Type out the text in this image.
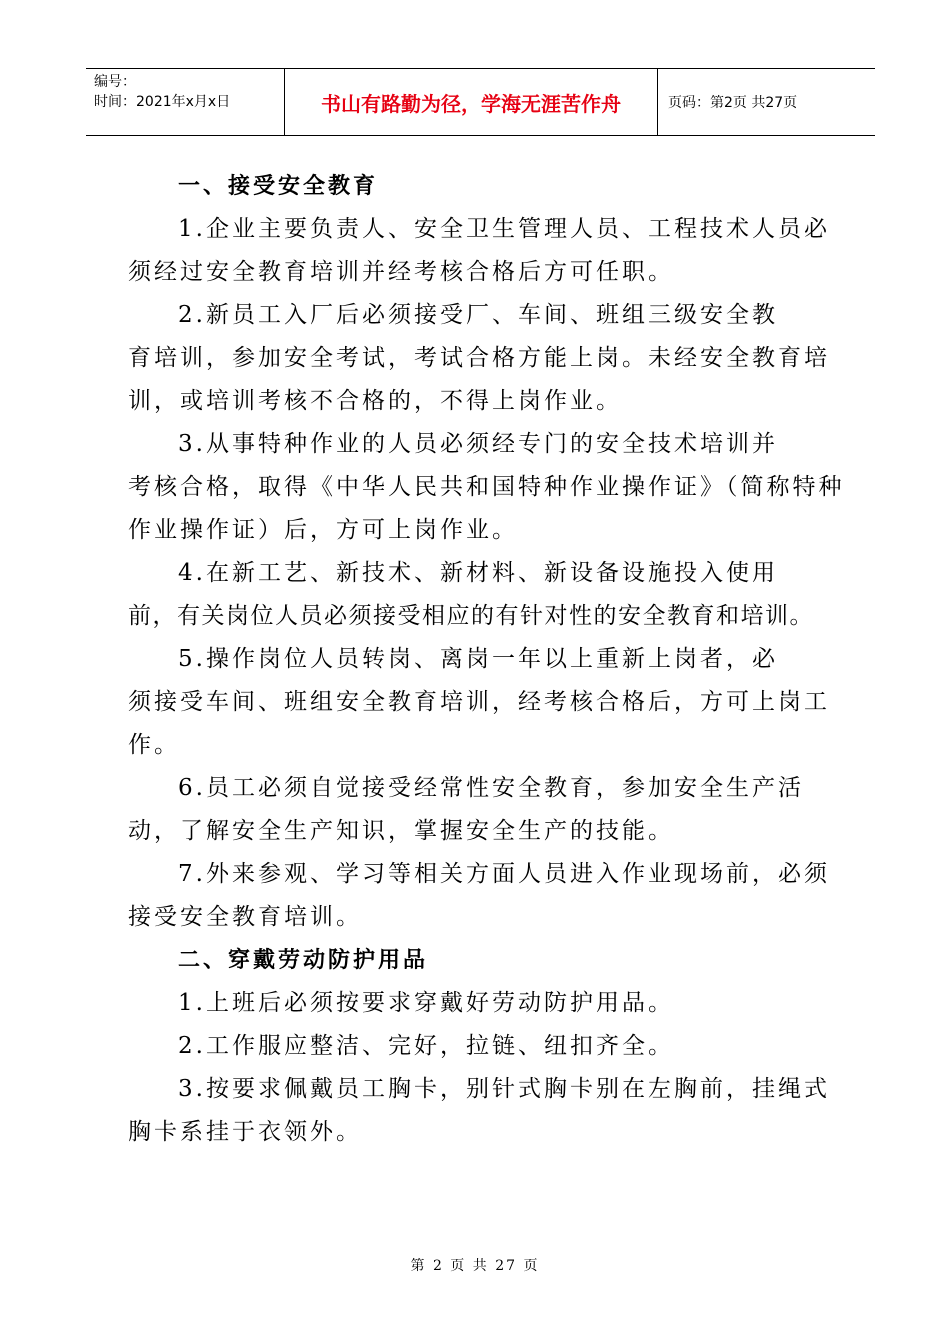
编号：
时间：2021年x月x日	书山有路勤为径，学海无涯苦作舟	页码：第2页 共27页

一、接受安全教育

1.企业主要负责人、安全卫生管理人员、工程技术人员必须经过安全教育培训并经考核合格后方可任职。

2.新员工入厂后必须接受厂、车间、班组三级安全教

育培训，参加安全考试，考试合格方能上岗。未经安全教育培训，或培训考核不合格的，不得上岗作业。

3.从事特种作业的人员必须经专门的安全技术培训并

考核合格，取得《中华人民共和国特种作业操作证》（简称特种作业操作证）后，方可上岗作业。

4.在新工艺、新技术、新材料、新设备设施投入使用

前，有关岗位人员必须接受相应的有针对性的安全教育和培训。

5.操作岗位人员转岗、离岗一年以上重新上岗者，必

须接受车间、班组安全教育培训，经考核合格后，方可上岗工作。

6.员工必须自觉接受经常性安全教育，参加安全生产活动，了解安全生产知识，掌握安全生产的技能。

7.外来参观、学习等相关方面人员进入作业现场前，必须接受安全教育培训。

二、穿戴劳动防护用品

1.上班后必须按要求穿戴好劳动防护用品。

2.工作服应整洁、完好，拉链、纽扣齐全。

3.按要求佩戴员工胸卡，别针式胸卡别在左胸前，挂绳式胸卡系挂于衣领外。

第 2 页 共 27 页
